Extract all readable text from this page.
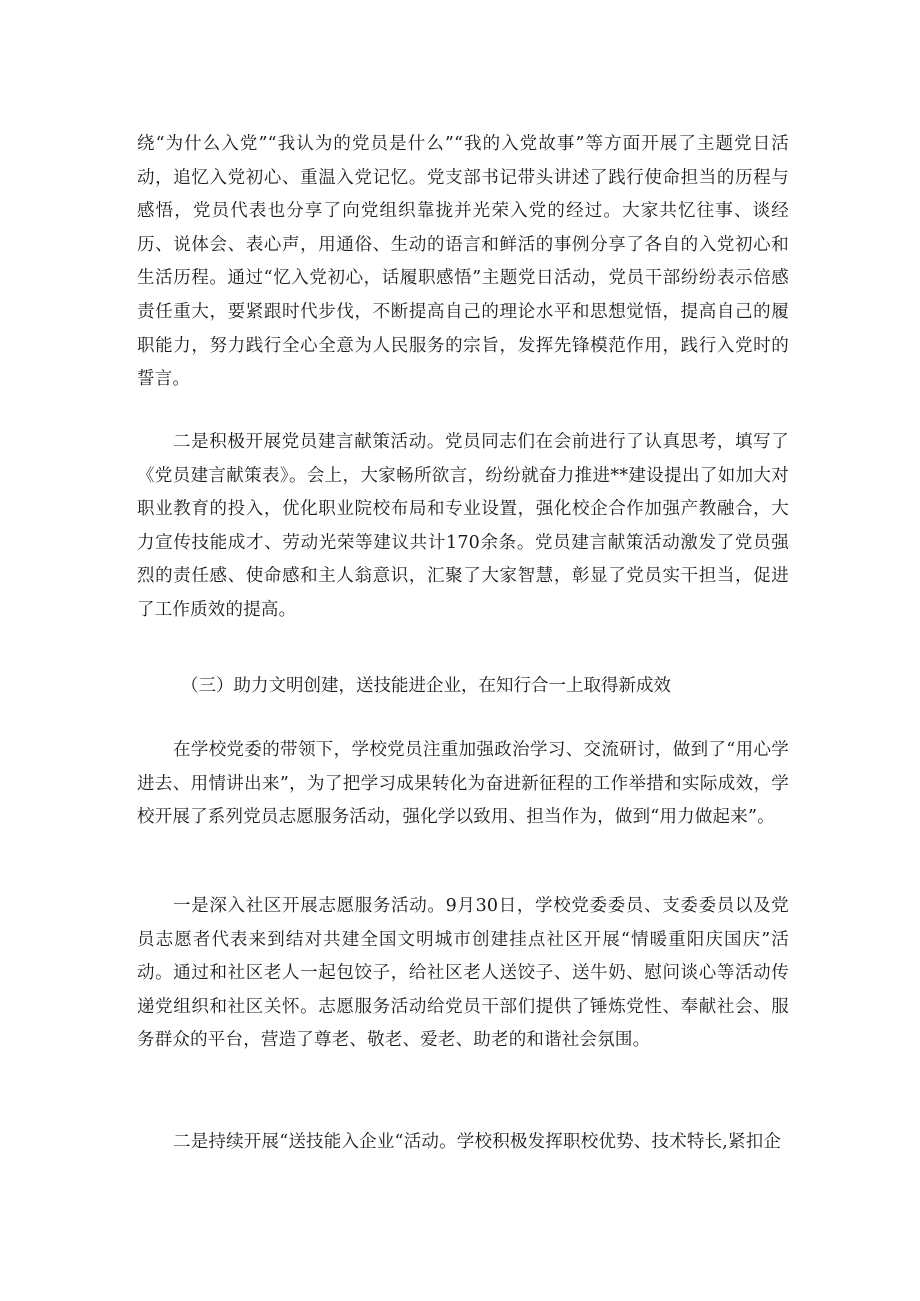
绕“为什么入党”“我认为的党员是什么”“我的入党故事”等方面开展了主题党日活动，追忆入党初心、重温入党记忆。党支部书记带头讲述了践行使命担当的历程与感悟，党员代表也分享了向党组织靠拢并光荣入党的经过。大家共忆往事、谈经历、说体会、表心声，用通俗、生动的语言和鲜活的事例分享了各自的入党初心和生活历程。通过“忆入党初心，话履职感悟”主题党日活动，党员干部纷纷表示倍感责任重大，要紧跟时代步伐，不断提高自己的理论水平和思想觉悟，提高自己的履职能力，努力践行全心全意为人民服务的宗旨，发挥先锋模范作用，践行入党时的誓言。

二是积极开展党员建言献策活动。党员同志们在会前进行了认真思考，填写了《党员建言献策表》。会上，大家畅所欲言，纷纷就奋力推进**建设提出了如加大对职业教育的投入，优化职业院校布局和专业设置，强化校企合作加强产教融合，大力宣传技能成才、劳动光荣等建议共计170余条。党员建言献策活动激发了党员强烈的责任感、使命感和主人翁意识，汇聚了大家智慧，彰显了党员实干担当，促进了工作质效的提高。

（三）助力文明创建，送技能进企业，在知行合一上取得新成效

在学校党委的带领下，学校党员注重加强政治学习、交流研讨，做到了“用心学进去、用情讲出来”，为了把学习成果转化为奋进新征程的工作举措和实际成效，学校开展了系列党员志愿服务活动，强化学以致用、担当作为，做到“用力做起来”。

一是深入社区开展志愿服务活动。9月30日，学校党委委员、支委委员以及党员志愿者代表来到结对共建全国文明城市创建挂点社区开展“情暖重阳庆国庆”活动。通过和社区老人一起包饺子，给社区老人送饺子、送牛奶、慰问谈心等活动传递党组织和社区关怀。志愿服务活动给党员干部们提供了锤炼党性、奉献社会、服务群众的平台，营造了尊老、敬老、爱老、助老的和谐社会氛围。

二是持续开展“送技能入企业“活动。学校积极发挥职校优势、技术特长,紧扣企
